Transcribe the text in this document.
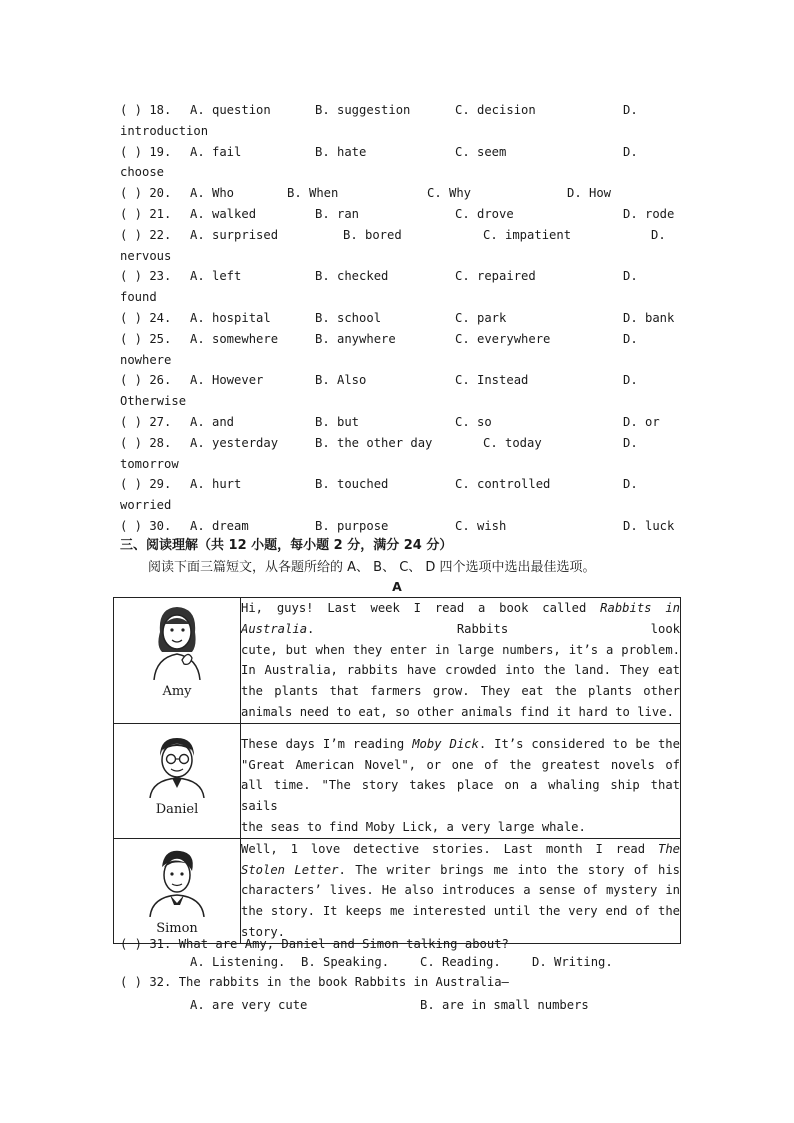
( ) 18. A. question	B. suggestion	C. decision	D.
introduction
( ) 19. A. fail	B. hate	C. seem	D.
choose
( ) 20. A. Who	B. When	C. Why	D. How
( ) 21. A. walked	B. ran	C. drove	D. rode
( ) 22. A. surprised	B. bored	C. impatient	D.
nervous
( ) 23. A. left	B. checked	C. repaired	D.
found
( ) 24. A. hospital	B. school	C. park	D. bank
( ) 25. A. somewhere	B. anywhere	C. everywhere	D.
nowhere
( ) 26. A. However	B. Also	C. Instead	D.
Otherwise
( ) 27. A. and	B. but	C. so	D. or
( ) 28. A. yesterday	B. the other day	C. today	D.
tomorrow
( ) 29. A. hurt	B. touched	C. controlled	D.
worried
( ) 30. A. dream	B. purpose	C. wish	D. luck
三、阅读理解（共 12 小题，每小题 2 分，满分 24 分）
阅读下面三篇短文，从各题所给的 A、 B、 C、 D 四个选项中选出最佳选项。
A
Amy	Hi, guys! Last week I read a book called Rabbits in Australia. Rabbits look
cute, but when they enter in large numbers, it’s a problem. In Australia, rabbits have crowded into the land. They eat the plants that farmers grow. They eat the plants other
animals need to eat, so other animals find it hard to live.

Daniel	These days I’m reading Moby Dick. It’s considered to be the "Great American Novel", or one of the greatest novels of all time. "The story takes place on a whaling ship that sails
the seas to find Moby Lick, a very large whale.

Simon	Well, 1 love detective stories. Last month I read The Stolen Letter. The writer brings me into the story of his characters’ lives. He also introduces a sense of mystery in the story. It keeps me interested until the very end of the
story.
( ) 31. What are Amy, Daniel and Simon talking about?
A. Listening. B. Speaking.	C. Reading.	D. Writing.
( ) 32. The rabbits in the book Rabbits in Australia—
A. are very cute	B. are in small numbers
